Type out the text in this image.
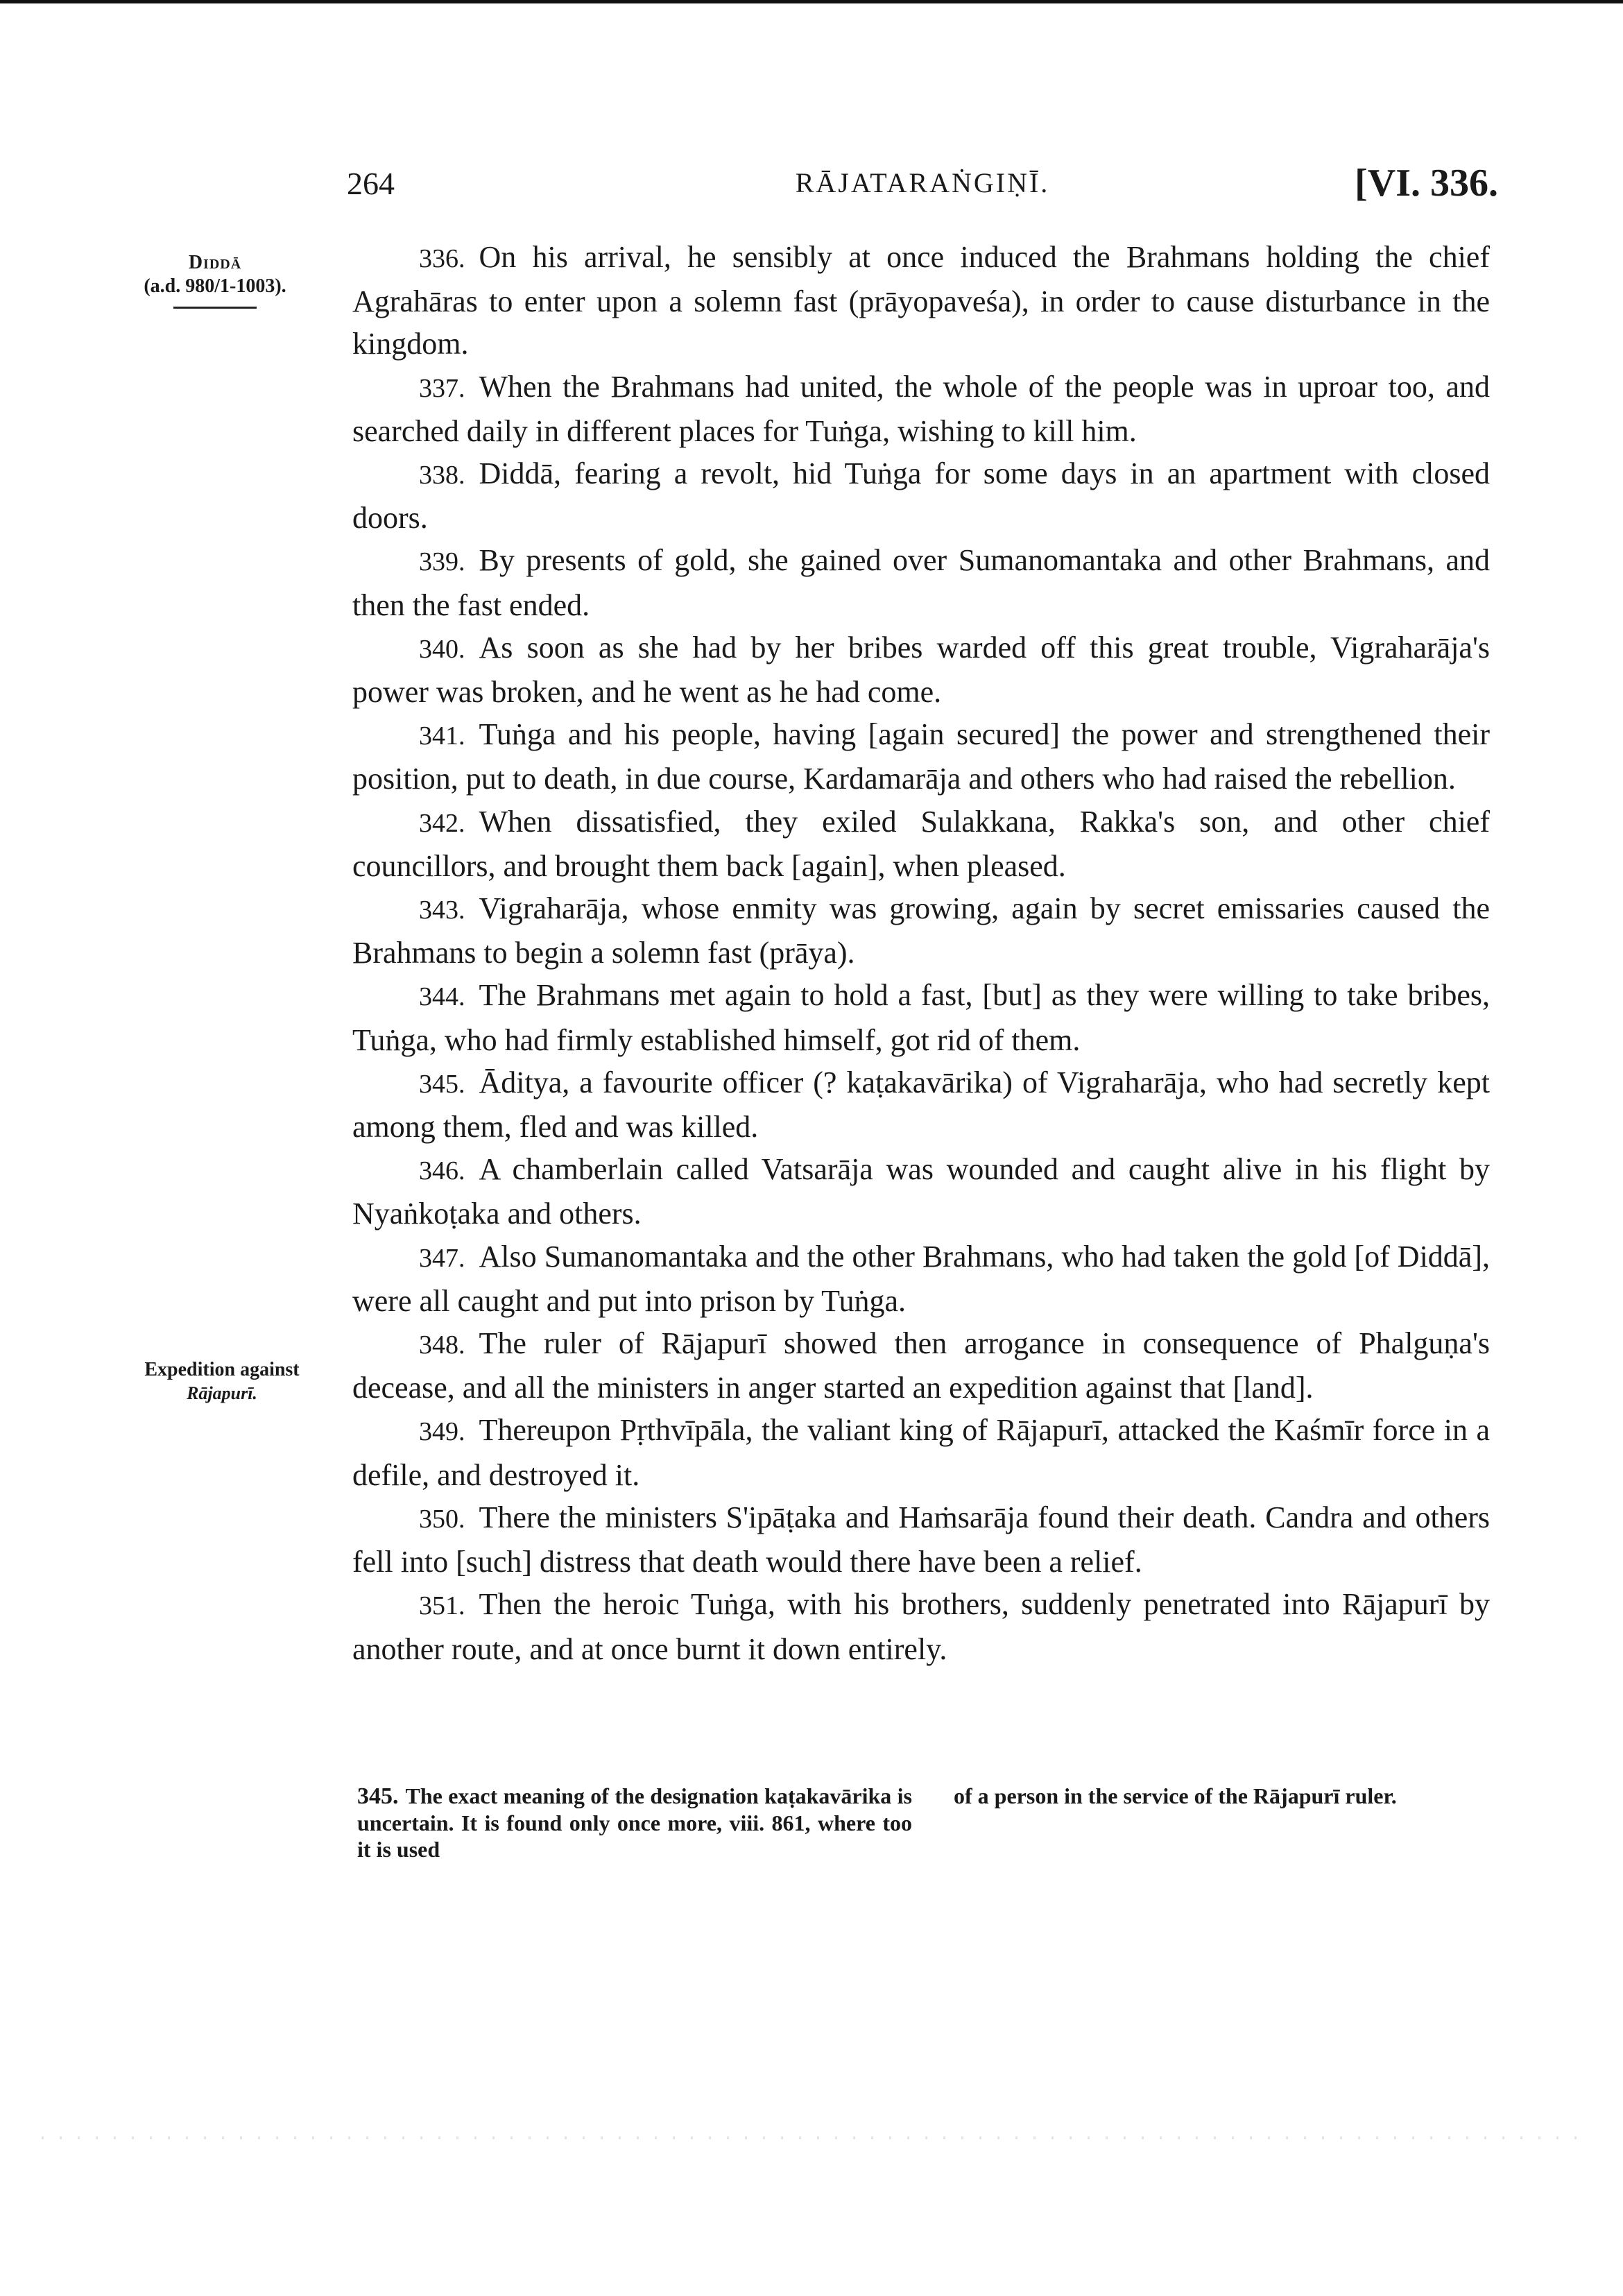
264	RĀJATARAṄGIṆĪ.	[VI. 336.
Diddā
(a.d. 980/1-1003).
Expedition against
Rājapurī.

336. On his arrival, he sensibly at once induced the Brahmans holding the chief Agrahāras to enter upon a solemn fast (prāyopaveśa), in order to cause disturbance in the kingdom.

337. When the Brahmans had united, the whole of the people was in uproar too, and searched daily in different places for Tuṅga, wishing to kill him.

338. Diddā, fearing a revolt, hid Tuṅga for some days in an apartment with closed doors.

339. By presents of gold, she gained over Sumanomantaka and other Brahmans, and then the fast ended.

340. As soon as she had by her bribes warded off this great trouble, Vigraharāja's power was broken, and he went as he had come.

341. Tuṅga and his people, having [again secured] the power and strengthened their position, put to death, in due course, Kardamarāja and others who had raised the rebellion.

342. When dissatisfied, they exiled Sulakkana, Rakka's son, and other chief councillors, and brought them back [again], when pleased.

343. Vigraharāja, whose enmity was growing, again by secret emissaries caused the Brahmans to begin a solemn fast (prāya).

344. The Brahmans met again to hold a fast, [but] as they were willing to take bribes, Tuṅga, who had firmly established himself, got rid of them.

345. Āditya, a favourite officer (? kaṭakavārika) of Vigraharāja, who had secretly kept among them, fled and was killed.

346. A chamberlain called Vatsarāja was wounded and caught alive in his flight by Nyaṅkoṭaka and others.

347. Also Sumanomantaka and the other Brahmans, who had taken the gold [of Diddā], were all caught and put into prison by Tuṅga.

348. The ruler of Rājapurī showed then arrogance in consequence of Phalguṇa's decease, and all the ministers in anger started an expedition against that [land].

349. Thereupon Pṛthvīpāla, the valiant king of Rājapurī, attacked the Kaśmīr force in a defile, and destroyed it.

350. There the ministers S'ipāṭaka and Haṁsarāja found their death. Candra and others fell into [such] distress that death would there have been a relief.

351. Then the heroic Tuṅga, with his brothers, suddenly penetrated into Rājapurī by another route, and at once burnt it down entirely.

345. The exact meaning of the designation kaṭakavārika is uncertain. It is found only once more, viii. 861, where too it is used
of a person in the service of the Rājapurī ruler.
